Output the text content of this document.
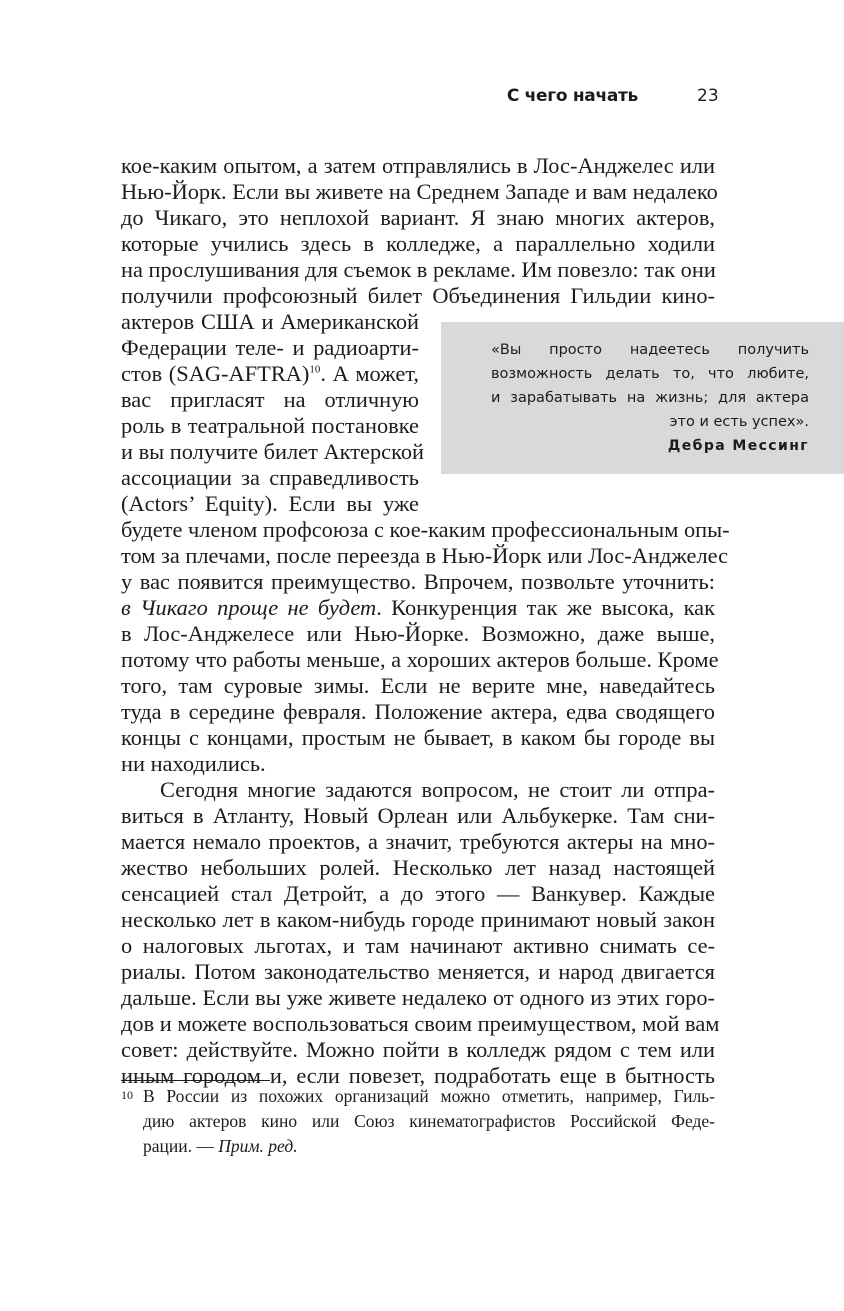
С чего начать	23
кое-каким опытом, а затем отправлялись в Лос-Анджелес или
Нью-Йорк. Если вы живете на Среднем Западе и вам недалеко
до Чикаго, это неплохой вариант. Я знаю многих актеров,
которые учились здесь в колледже, а параллельно ходили
на прослушивания для съемок в рекламе. Им повезло: так они
получили профсоюзный билет Объединения Гильдии кино-
актеров США и Американской
Федерации теле- и радиоарти-
стов (SAG-AFTRA)$^{10}$. А может,
вас пригласят на отличную
роль в театральной постановке
и вы получите билет Актерской
ассоциации за справедливость
(Actors’ Equity). Если вы уже
будете членом профсоюза с кое-каким профессиональным опы-
том за плечами, после переезда в Нью-Йорк или Лос-Анджелес
у вас появится преимущество. Впрочем, позвольте уточнить:
в Чикаго проще не будет. Конкуренция так же высока, как
в Лос-Анджелесе или Нью-Йорке. Возможно, даже выше,
потому что работы меньше, а хороших актеров больше. Кроме
того, там суровые зимы. Если не верите мне, наведайтесь
туда в середине февраля. Положение актера, едва сводящего
концы с концами, простым не бывает, в каком бы городе вы
ни находились.
Сегодня многие задаются вопросом, не стоит ли отпра-
виться в Атланту, Новый Орлеан или Альбукерке. Там сни-
мается немало проектов, а значит, требуются актеры на мно-
жество небольших ролей. Несколько лет назад настоящей
сенсацией стал Детройт, а до этого — Ванкувер. Каждые
несколько лет в каком-нибудь городе принимают новый закон
о налоговых льготах, и там начинают активно снимать се-
риалы. Потом законодательство меняется, и народ двигается
дальше. Если вы уже живете недалеко от одного из этих горо-
дов и можете воспользоваться своим преимуществом, мой вам
совет: действуйте. Можно пойти в колледж рядом с тем или
иным городом и, если повезет, подработать еще в бытность
«Вы просто надеетесь получить
возможность делать то, что любите,
и зарабатывать на жизнь; для актера
это и есть успех».
Дебра Мессинг
10 В России из похожих организаций можно отметить, например, Гиль-
дию актеров кино или Союз кинематографистов Российской Феде-
рации. — Прим. ред.
